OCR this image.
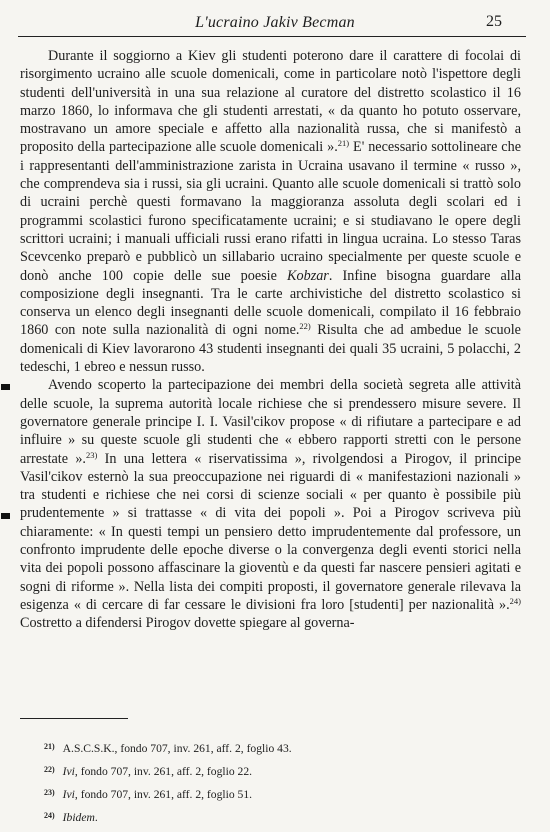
L'ucraino Jakiv Becman	25

Durante il soggiorno a Kiev gli studenti poterono dare il carattere di focolai di risorgimento ucraino alle scuole domenicali, come in particolare notò l'ispettore degli studenti dell'università in una sua relazione al curatore del distretto scolastico il 16 marzo 1860, lo informava che gli studenti arrestati, « da quanto ho potuto osservare, mostravano un amore speciale e affetto alla nazionalità russa, che si manifestò a proposito della partecipazione alle scuole domenicali ».$^{21)}$ E' necessario sottolineare che i rappresentanti dell'amministrazione zarista in Ucraina usavano il termine « russo », che comprendeva sia i russi, sia gli ucraini. Quanto alle scuole domenicali si trattò solo di ucraini perchè questi formavano la maggioranza assoluta degli scolari ed i programmi scolastici furono specificatamente ucraini; e si studiavano le opere degli scrittori ucraini; i manuali ufficiali russi erano rifatti in lingua ucraina. Lo stesso Taras Scevcenko preparò e pubblicò un sillabario ucraino specialmente per queste scuole e donò anche 100 copie delle sue poesie Kobzar. Infine bisogna guardare alla composizione degli insegnanti. Tra le carte archivistiche del distretto scolastico si conserva un elenco degli insegnanti delle scuole domenicali, compilato il 16 febbraio 1860 con note sulla nazionalità di ogni nome.$^{22)}$ Risulta che ad ambedue le scuole domenicali di Kiev lavorarono 43 studenti insegnanti dei quali 35 ucraini, 5 polacchi, 2 tedeschi, 1 ebreo e nessun russo.

Avendo scoperto la partecipazione dei membri della società segreta alle attività delle scuole, la suprema autorità locale richiese che si prendessero misure severe. Il governatore generale principe I. I. Vasil'cikov propose « di rifiutare a partecipare e ad influire » su queste scuole gli studenti che « ebbero rapporti stretti con le persone arrestate ».$^{23)}$ In una lettera « riservatissima », rivolgendosi a Pirogov, il principe Vasil'cikov esternò la sua preoccupazione nei riguardi di « manifestazioni nazionali » tra studenti e richiese che nei corsi di scienze sociali « per quanto è possibile più prudentemente » si trattasse « di vita dei popoli ». Poi a Pirogov scriveva più chiaramente: « In questi tempi un pensiero detto imprudentemente dal professore, un confronto imprudente delle epoche diverse o la convergenza degli eventi storici nella vita dei popoli possono affascinare la gioventù e da questi far nascere pensieri agitati e sogni di riforme ». Nella lista dei compiti proposti, il governatore generale rilevava la esigenza « di cercare di far cessare le divisioni fra loro [studenti] per nazionalità ».$^{24)}$ Costretto a difendersi Pirogov dovette spiegare al governa-

$^{21)}$ A.S.C.S.K., fondo 707, inv. 261, aff. 2, foglio 43.
$^{22)}$ Ivi, fondo 707, inv. 261, aff. 2, foglio 22.
$^{23)}$ Ivi, fondo 707, inv. 261, aff. 2, foglio 51.
$^{24)}$ Ibidem.
